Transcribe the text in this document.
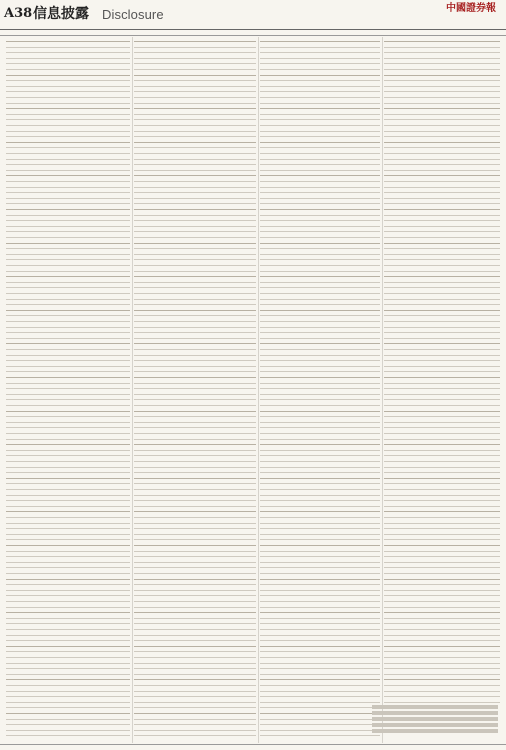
A38 信息披露 Disclosure	中國證券報
